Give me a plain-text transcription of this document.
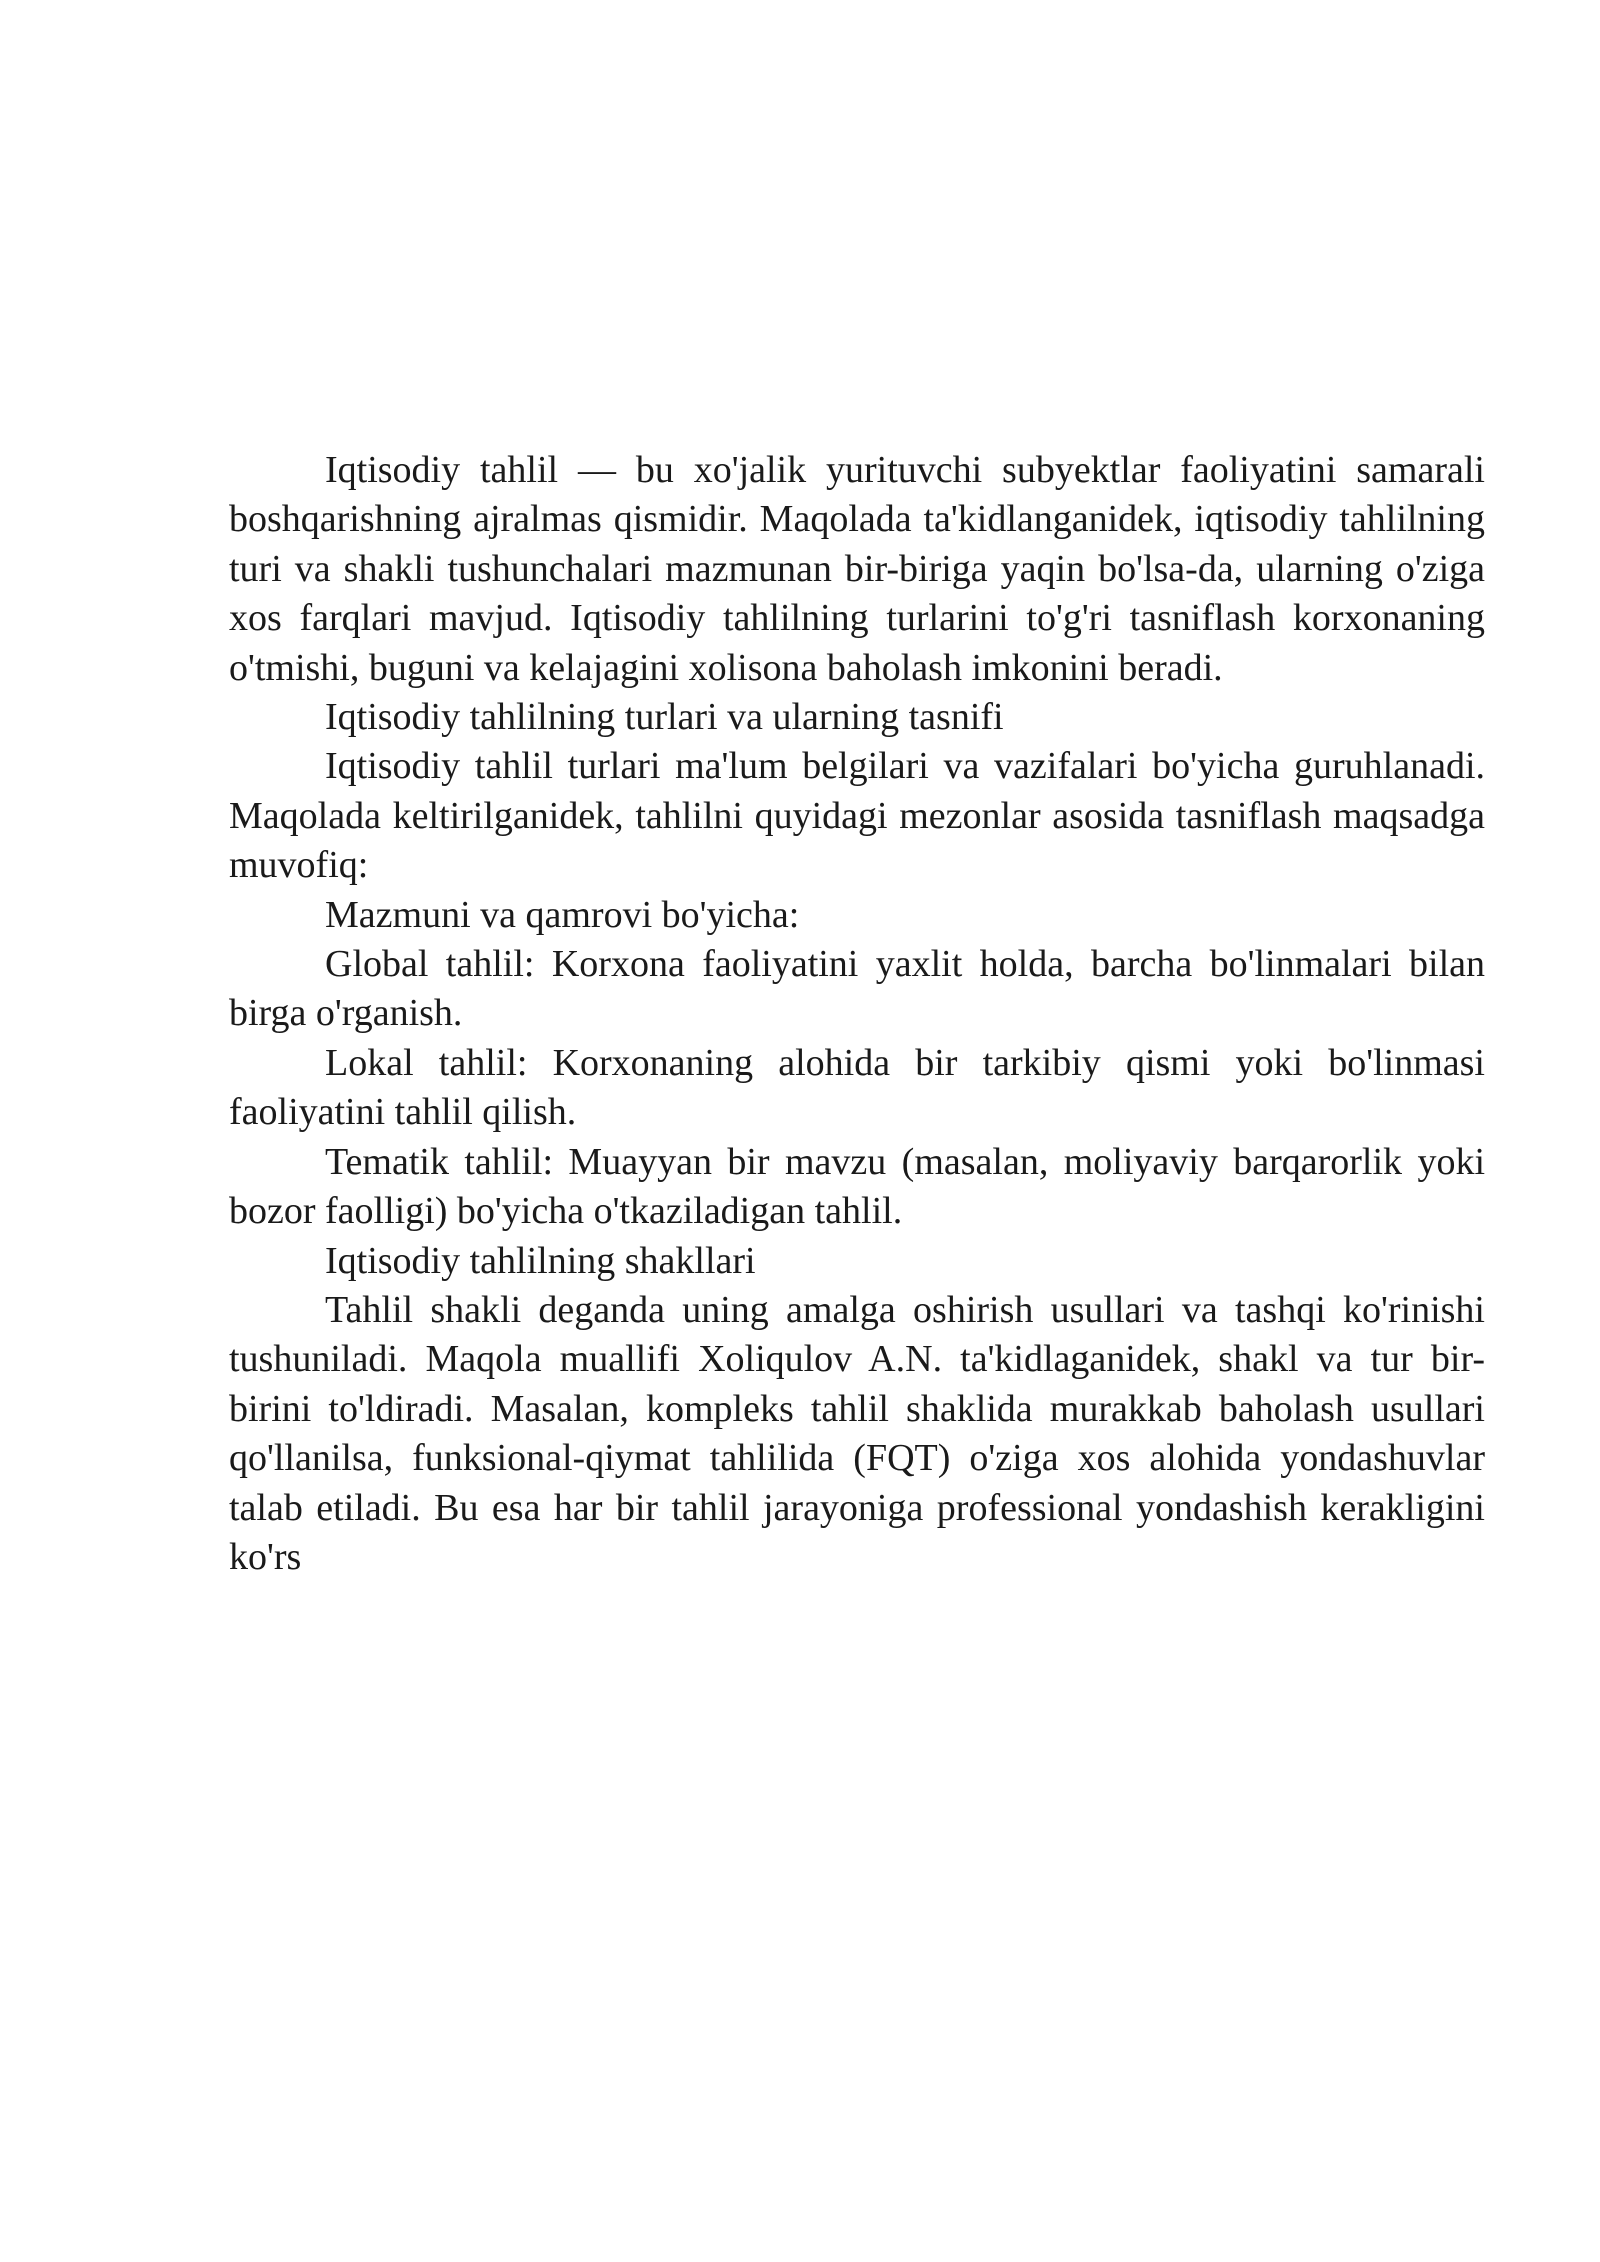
Iqtisodiy tahlil — bu xo'jalik yurituvchi subyektlar faoliyatini samarali boshqarishning ajralmas qismidir. Maqolada ta'kidlanganidek, iqtisodiy tahlilning turi va shakli tushunchalari mazmunan bir-biriga yaqin bo'lsa-da, ularning o'ziga xos farqlari mavjud. Iqtisodiy tahlilning turlarini to'g'ri tasniflash korxonaning o'tmishi, buguni va kelajagini xolisona baholash imkonini beradi.

Iqtisodiy tahlilning turlari va ularning tasnifi

Iqtisodiy tahlil turlari ma'lum belgilari va vazifalari bo'yicha guruhlanadi. Maqolada keltirilganidek, tahlilni quyidagi mezonlar asosida tasniflash maqsadga muvofiq:

Mazmuni va qamrovi bo'yicha:

Global tahlil: Korxona faoliyatini yaxlit holda, barcha bo'linmalari bilan birga o'rganish.

Lokal tahlil: Korxonaning alohida bir tarkibiy qismi yoki bo'linmasi faoliyatini tahlil qilish.

Tematik tahlil: Muayyan bir mavzu (masalan, moliyaviy barqarorlik yoki bozor faolligi) bo'yicha o'tkaziladigan tahlil.

Iqtisodiy tahlilning shakllari

Tahlil shakli deganda uning amalga oshirish usullari va tashqi ko'rinishi tushuniladi. Maqola muallifi Xoliqulov A.N. ta'kidlaganidek, shakl va tur bir-birini to'ldiradi. Masalan, kompleks tahlil shaklida murakkab baholash usullari qo'llanilsa, funksional-qiymat tahlilida (FQT) o'ziga xos alohida yondashuvlar talab etiladi. Bu esa har bir tahlil jarayoniga professional yondashish kerakligini ko'rs
